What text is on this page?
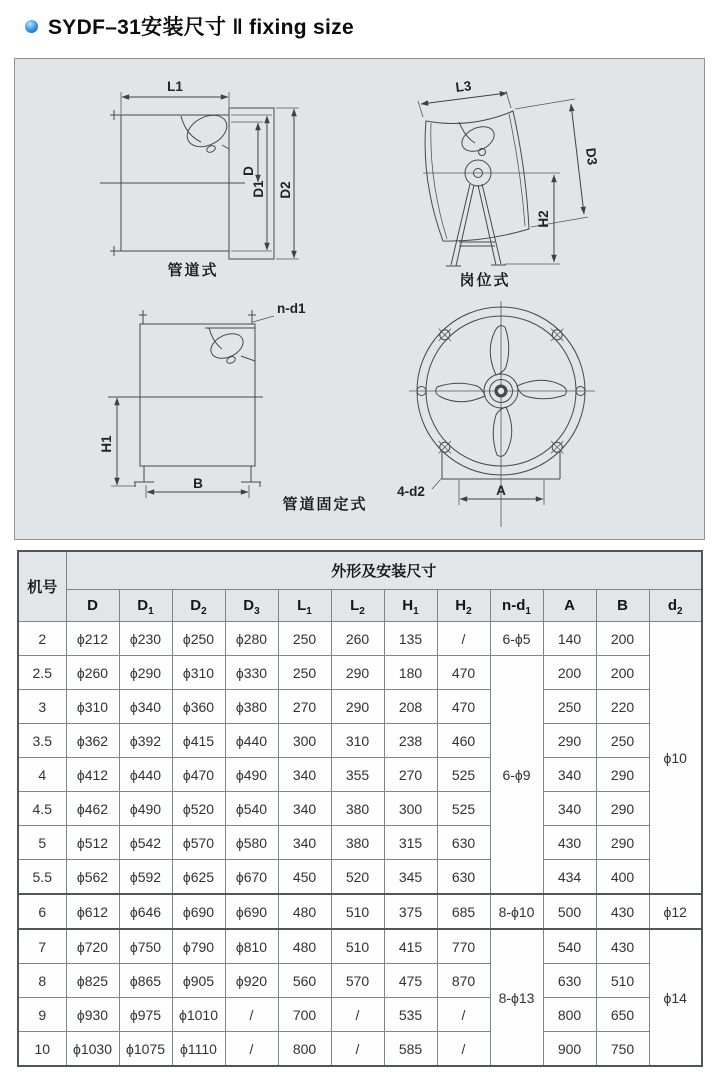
SYDF–31安装尺寸 ‖ fixing size
L1
D
D1 D2
管道式
L3
D3
H2
岗位式
n-d1
H1
B
管道固定式
A
4-d2
机号	外形及安装尺寸											
	D	$D_1$	$D_2$	$D_3$	$L_1$	$L_2$	$H_1$	$H_2$	$n-d_1$	A	B	$d_2$
2	ϕ212	ϕ230	ϕ250	ϕ280	250	260	135	/	6-ϕ5	140	200	ϕ10
2.5	ϕ260	ϕ290	ϕ310	ϕ330	250	290	180	470	6-ϕ9	200	200	
3	ϕ310	ϕ340	ϕ360	ϕ380	270	290	208	470		250	220	
3.5	ϕ362	ϕ392	ϕ415	ϕ440	300	310	238	460		290	250	
4	ϕ412	ϕ440	ϕ470	ϕ490	340	355	270	525		340	290	
4.5	ϕ462	ϕ490	ϕ520	ϕ540	340	380	300	525		340	290	
5	ϕ512	ϕ542	ϕ570	ϕ580	340	380	315	630		430	290	
5.5	ϕ562	ϕ592	ϕ625	ϕ670	450	520	345	630		434	400	
6	ϕ612	ϕ646	ϕ690	ϕ690	480	510	375	685	8-ϕ10	500	430	ϕ12
7	ϕ720	ϕ750	ϕ790	ϕ810	480	510	415	770	8-ϕ13	540	430	ϕ14
8	ϕ825	ϕ865	ϕ905	ϕ920	560	570	475	870		630	510	
9	ϕ930	ϕ975	ϕ1010	/	700	/	535	/		800	650	
10	ϕ1030	ϕ1075	ϕ1110	/	800	/	585	/		900	750	
